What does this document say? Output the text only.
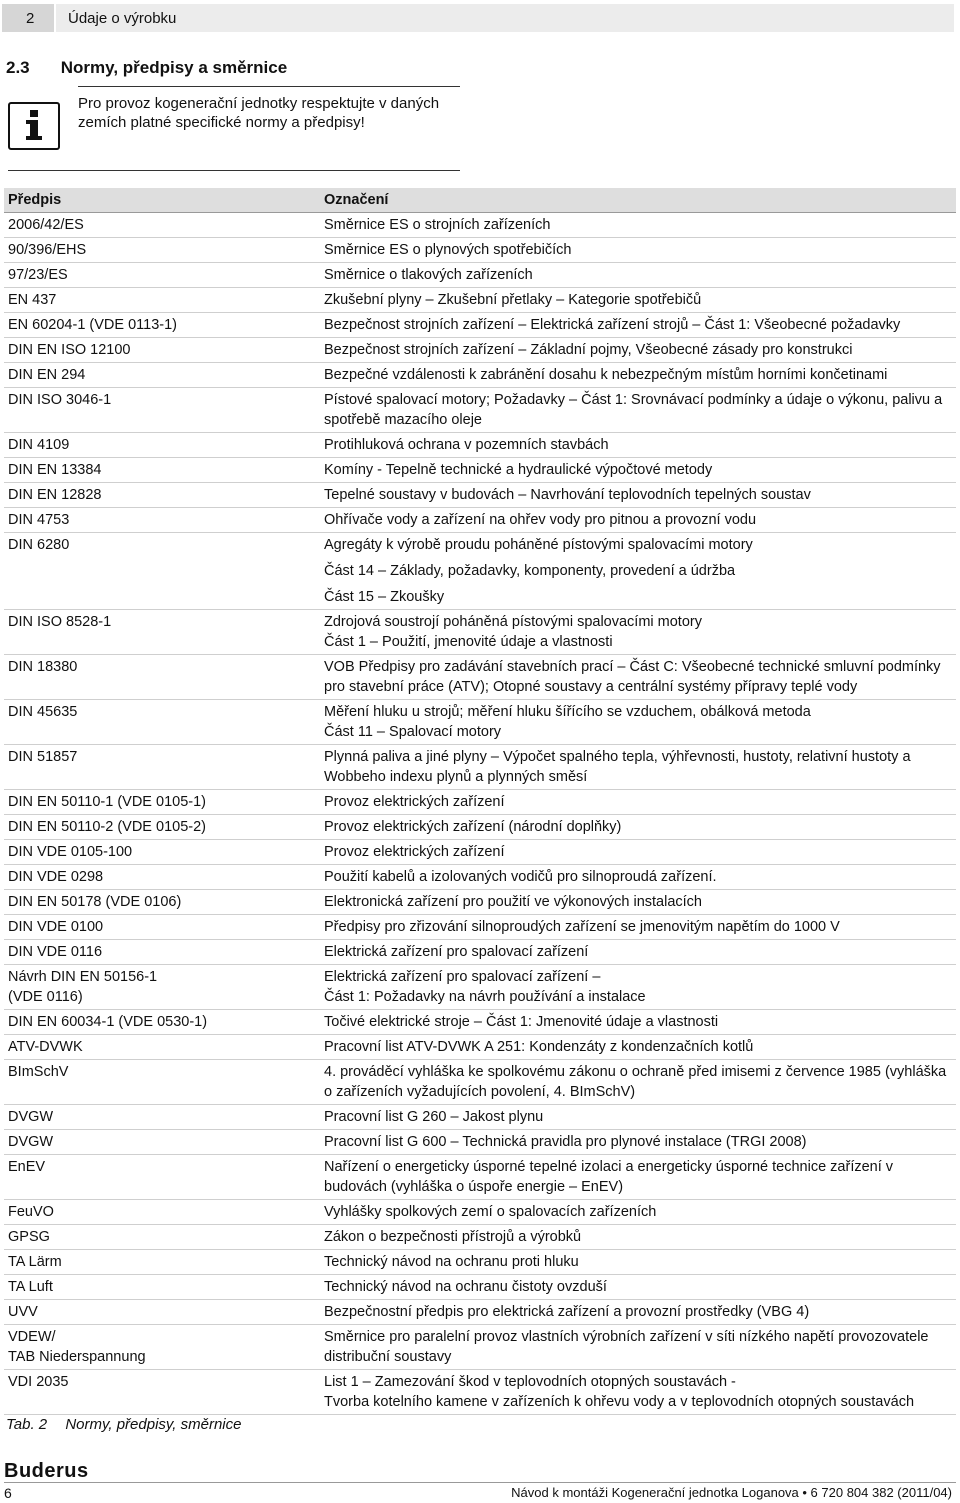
2	Údaje o výrobku
2.3 Normy, předpisy a směrnice
Pro provoz kogenerační jednotky respektujte v daných zemích platné specifické normy a předpisy!
Předpis	Označení

2006/42/ES	Směrnice ES o strojních zařízeních

90/396/EHS	Směrnice ES o plynových spotřebičích

97/23/ES	Směrnice o tlakových zařízeních

EN 437	Zkušební plyny – Zkušební přetlaky – Kategorie spotřebičů

EN 60204-1 (VDE 0113-1)	Bezpečnost strojních zařízení – Elektrická zařízení strojů – Část 1: Všeobecné požadavky

DIN EN ISO 12100	Bezpečnost strojních zařízení – Základní pojmy, Všeobecné zásady pro konstrukci

DIN EN 294	Bezpečné vzdálenosti k zabránění dosahu k nebezpečným místům horními končetinami

DIN ISO 3046-1	Pístové spalovací motory; Požadavky – Část 1: Srovnávací podmínky a údaje o výkonu, palivu a spotřebě mazacího oleje

DIN 4109	Protihluková ochrana v pozemních stavbách

DIN EN 13384	Komíny - Tepelně technické a hydraulické výpočtové metody

DIN EN 12828	Tepelné soustavy v budovách – Navrhování teplovodních tepelných soustav

DIN 4753	Ohřívače vody a zařízení na ohřev vody pro pitnou a provozní vodu

DIN 6280	Agregáty k výrobě proudu poháněné pístovými spalovacími motory
Část 14 – Základy, požadavky, komponenty, provedení a údržba
Část 15 – Zkoušky

DIN ISO 8528-1	Zdrojová soustrojí poháněná pístovými spalovacími motory
Část 1 – Použití, jmenovité údaje a vlastnosti

DIN 18380	VOB Předpisy pro zadávání stavebních prací – Část C: Všeobecné technické smluvní podmínky pro stavební práce (ATV); Otopné soustavy a centrální systémy přípravy teplé vody

DIN 45635	Měření hluku u strojů; měření hluku šířícího se vzduchem, obálková metoda
Část 11 – Spalovací motory

DIN 51857	Plynná paliva a jiné plyny – Výpočet spalného tepla, výhřevnosti, hustoty, relativní hustoty a Wobbeho indexu plynů a plynných směsí

DIN EN 50110-1 (VDE 0105-1)	Provoz elektrických zařízení

DIN EN 50110-2 (VDE 0105-2)	Provoz elektrických zařízení (národní doplňky)

DIN VDE 0105-100	Provoz elektrických zařízení

DIN VDE 0298	Použití kabelů a izolovaných vodičů pro silnoproudá zařízení.

DIN EN 50178 (VDE 0106)	Elektronická zařízení pro použití ve výkonových instalacích

DIN VDE 0100	Předpisy pro zřizování silnoproudých zařízení se jmenovitým napětím do 1000 V

DIN VDE 0116	Elektrická zařízení pro spalovací zařízení

Návrh DIN EN 50156-1
(VDE 0116)	Elektrická zařízení pro spalovací zařízení –
Část 1: Požadavky na návrh používání a instalace

DIN EN 60034-1 (VDE 0530-1)	Točivé elektrické stroje – Část 1: Jmenovité údaje a vlastnosti

ATV-DVWK	Pracovní list ATV-DVWK A 251: Kondenzáty z kondenzačních kotlů

BImSchV	4. prováděcí vyhláška ke spolkovému zákonu o ochraně před imisemi z července 1985 (vyhláška o zařízeních vyžadujících povolení, 4. BImSchV)

DVGW	Pracovní list G 260 – Jakost plynu

DVGW	Pracovní list G 600 – Technická pravidla pro plynové instalace (TRGI 2008)

EnEV	Nařízení o energeticky úsporné tepelné izolaci a energeticky úsporné technice zařízení v budovách (vyhláška o úspoře energie – EnEV)

FeuVO	Vyhlášky spolkových zemí o spalovacích zařízeních

GPSG	Zákon o bezpečnosti přístrojů a výrobků

TA Lärm	Technický návod na ochranu proti hluku

TA Luft	Technický návod na ochranu čistoty ovzduší

UVV	Bezpečnostní předpis pro elektrická zařízení a provozní prostředky (VBG 4)

VDEW/
TAB Niederspannung	Směrnice pro paralelní provoz vlastních výrobních zařízení v síti nízkého napětí provozovatele distribuční soustavy

VDI 2035	List 1 – Zamezování škod v teplovodních otopných soustavách -
Tvorba kotelního kamene v zařízeních k ohřevu vody a v teplovodních otopných soustavách
Tab. 2 Normy, předpisy, směrnice
Buderus
6	Návod k montáži Kogenerační jednotka Loganova • 6 720 804 382 (2011/04)
